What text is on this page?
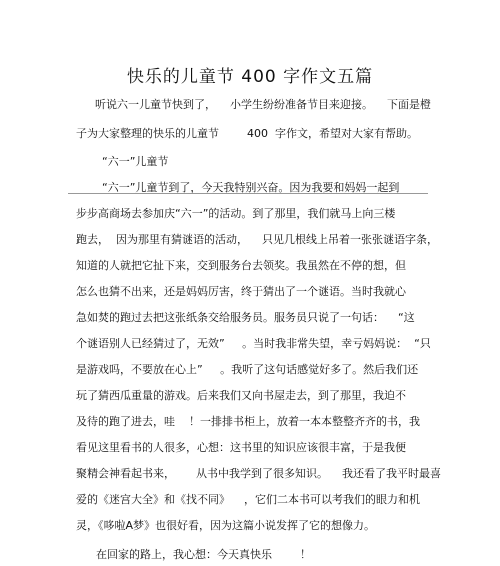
快乐的儿童节 400 字作文五篇
听说六一儿童节快到了，    小学生纷纷准备节目来迎接。    下面是橙
子为大家整理的快乐的儿童节        400  字作文，希望对大家有帮助。
“六一”儿童节
“六一”儿童节到了，今天我特别兴奋。因为我要和妈妈一起到
步步高商场去参加庆“六一”的活动。到了那里，我们就马上向三楼
跑去，  因为那里有猜谜语的活动，    只见几根线上吊着一张张谜语字条，
知道的人就把它扯下来，交到服务台去领奖。我虽然在不停的想，但
怎么也猜不出来，还是妈妈厉害，终于猜出了一个谜语。当时我就心
急如焚的跑过去把这张纸条交给服务员。服务员只说了一句话：    “这
个谜语别人已经猜过了，无效”     。当时我非常失望，幸亏妈妈说：  “只
是游戏吗，不要放在心上”     。我听了这句话感觉好多了。然后我们还
玩了猜西瓜重量的游戏。后来我们又向书屋走去，到了那里，我迫不
及待的跑了进去，哇    ！一排排书柜上，放着一本本整整齐齐的书，我
看见这里看书的人很多，心想：这书里的知识应该很丰富，于是我便
聚精会神看起书来，      从书中我学到了很多知识。    我还看了我平时最喜
爱的《迷宫大全》和《找不同》    ，它们二本书可以考我们的眼力和机
灵，《哆啦A梦》也很好看，因为这篇小说发挥了它的想像力。
在回家的路上，我心想：今天真快乐        ！
